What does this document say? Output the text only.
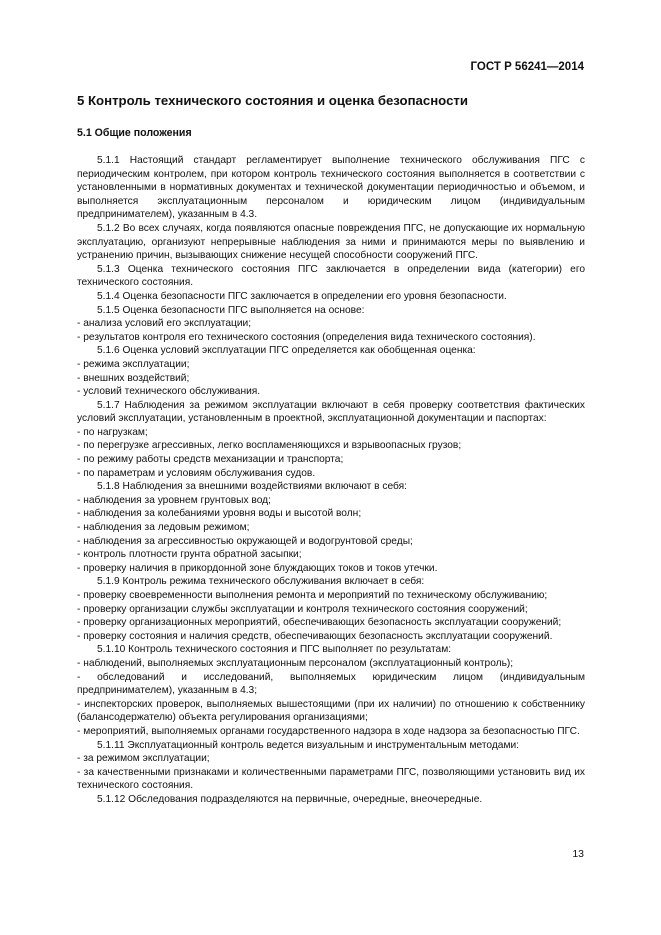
ГОСТ Р 56241—2014
5 Контроль технического состояния и оценка безопасности
5.1 Общие положения

5.1.1 Настоящий стандарт регламентирует выполнение технического обслуживания ПГС с периодическим контролем, при котором контроль технического состояния выполняется в соответствии с установленными в нормативных документах и технической документации периодичностью и объемом, и выполняется эксплуатационным персоналом и юридическим лицом (индивидуальным предпринимателем), указанным в 4.3.

5.1.2 Во всех случаях, когда появляются опасные повреждения ПГС, не допускающие их нормальную эксплуатацию, организуют непрерывные наблюдения за ними и принимаются меры по выявлению и устранению причин, вызывающих снижение несущей способности сооружений ПГС.

5.1.3 Оценка технического состояния ПГС заключается в определении вида (категории) его технического состояния.

5.1.4 Оценка безопасности ПГС заключается в определении его уровня безопасности.

5.1.5 Оценка безопасности ПГС выполняется на основе:

- анализа условий его эксплуатации;

- результатов контроля его технического состояния (определения вида технического состояния).

5.1.6 Оценка условий эксплуатации ПГС определяется как обобщенная оценка:

- режима эксплуатации;

- внешних воздействий;

- условий технического обслуживания.

5.1.7 Наблюдения за режимом эксплуатации включают в себя проверку соответствия фактических условий эксплуатации, установленным в проектной, эксплуатационной документации и паспортах:

- по нагрузкам;

- по перегрузке агрессивных, легко воспламеняющихся и взрывоопасных грузов;

- по режиму работы средств механизации и транспорта;

- по параметрам и условиям обслуживания судов.

5.1.8 Наблюдения за внешними воздействиями включают в себя:

- наблюдения за уровнем грунтовых вод;

- наблюдения за колебаниями уровня воды и высотой волн;

- наблюдения за ледовым режимом;

- наблюдения за агрессивностью окружающей и водогрунтовой среды;

- контроль плотности грунта обратной засыпки;

- проверку наличия в прикордонной зоне блуждающих токов и токов утечки.

5.1.9 Контроль режима технического обслуживания включает в себя:

- проверку своевременности выполнения ремонта и мероприятий по техническому обслуживанию;

- проверку организации службы эксплуатации и контроля технического состояния сооружений;

- проверку организационных мероприятий, обеспечивающих безопасность эксплуатации сооружений;

- проверку состояния и наличия средств, обеспечивающих безопасность эксплуатации сооружений.

5.1.10 Контроль технического состояния и ПГС выполняет по результатам:

- наблюдений, выполняемых эксплуатационным персоналом (эксплуатационный контроль);

- обследований и исследований, выполняемых юридическим лицом (индивидуальным предпринимателем), указанным в 4.3;

- инспекторских проверок, выполняемых вышестоящими (при их наличии) по отношению к собственнику (балансодержателю) объекта регулирования организациями;

- мероприятий, выполняемых органами государственного надзора в ходе надзора за безопасностью ПГС.

5.1.11 Эксплуатационный контроль ведется визуальным и инструментальным методами:

- за режимом эксплуатации;

- за качественными признаками и количественными параметрами ПГС, позволяющими установить вид их технического состояния.

5.1.12 Обследования подразделяются на первичные, очередные, внеочередные.

13
